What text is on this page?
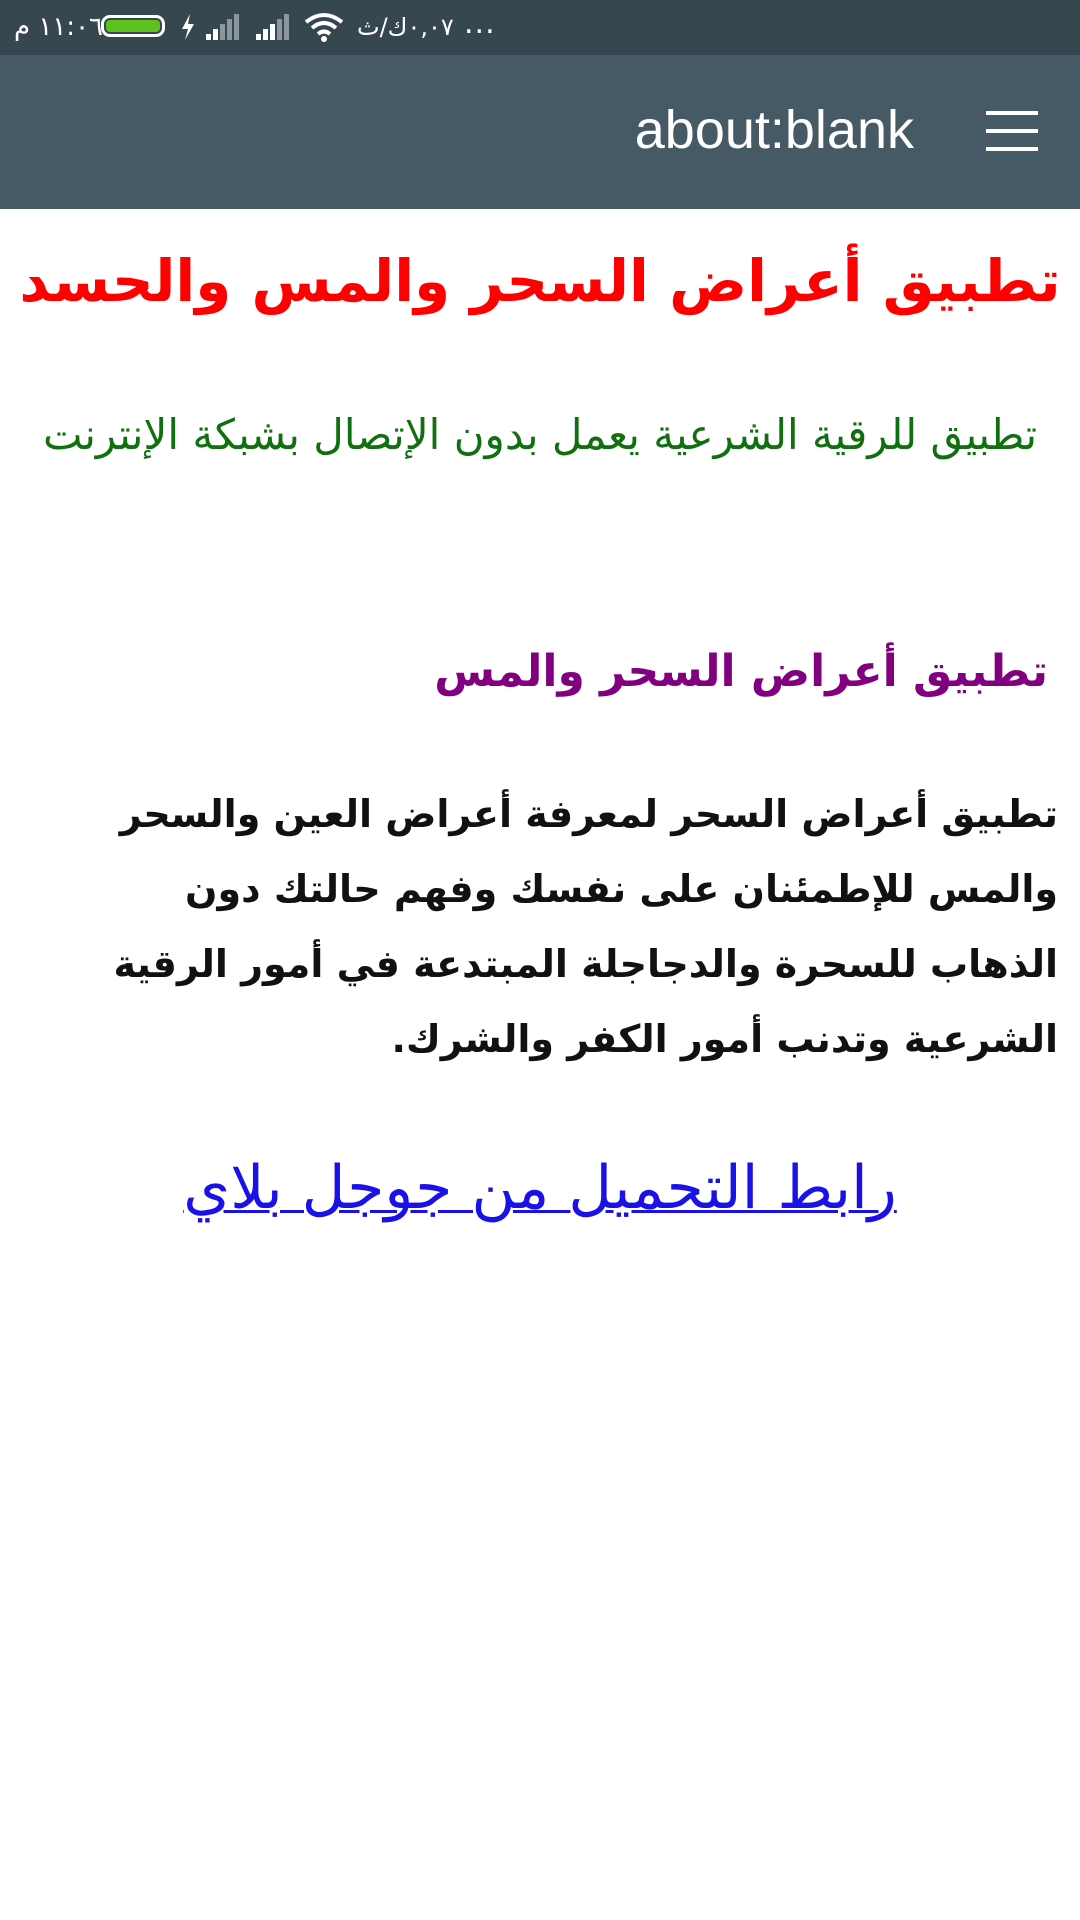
١١:٠٦ م	٠,٠٧ك/ث ...
about:blank
تطبيق أعراض السحر والمس والحسد

تطبيق للرقية الشرعية يعمل بدون الإتصال بشبكة الإنترنت

تطبيق أعراض السحر والمس

تطبيق أعراض السحر لمعرفة أعراض العين والسحر والمس للإطمئنان على نفسك وفهم حالتك دون الذهاب للسحرة والدجاجلة المبتدعة في أمور الرقية الشرعية وتدنب أمور الكفر والشرك.

رابط التحميل من جوجل بلاي
